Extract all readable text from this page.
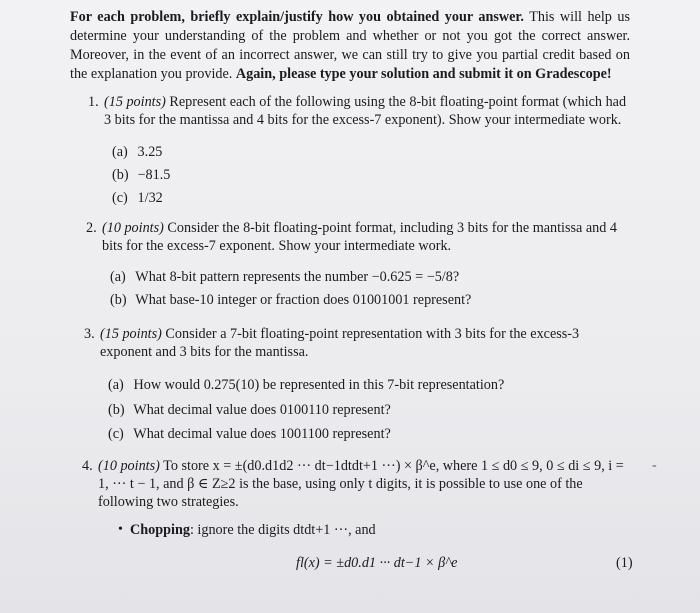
For each problem, briefly explain/justify how you obtained your answer. This will help us determine your understanding of the problem and whether or not you got the correct answer. Moreover, in the event of an incorrect answer, we can still try to give you partial credit based on the explanation you provide. Again, please type your solution and submit it on Gradescope!
1. (15 points) Represent each of the following using the 8-bit floating-point format (which had 3 bits for the mantissa and 4 bits for the excess-7 exponent). Show your intermediate work.
(a) 3.25
(b) −81.5
(c) 1/32
2. (10 points) Consider the 8-bit floating-point format, including 3 bits for the mantissa and 4 bits for the excess-7 exponent. Show your intermediate work.
(a) What 8-bit pattern represents the number −0.625 = −5/8?
(b) What base-10 integer or fraction does 01001001 represent?
3. (15 points) Consider a 7-bit floating-point representation with 3 bits for the excess-3 exponent and 3 bits for the mantissa.
(a) How would 0.275(10) be represented in this 7-bit representation?
(b) What decimal value does 0100110 represent?
(c) What decimal value does 1001100 represent?
4. (10 points) To store x = ±(d0.d1d2 ··· dt−1dtdt+1 ···) × β^e, where 1 ≤ d0 ≤ 9, 0 ≤ di ≤ 9, i = 1, ··· t − 1, and β ∈ Z≥2 is the base, using only t digits, it is possible to use one of the following two strategies.
-
• Chopping: ignore the digits dtdt+1 ···, and
fl(x) = ±d0.d1 ··· dt−1 × β^e	(1)
